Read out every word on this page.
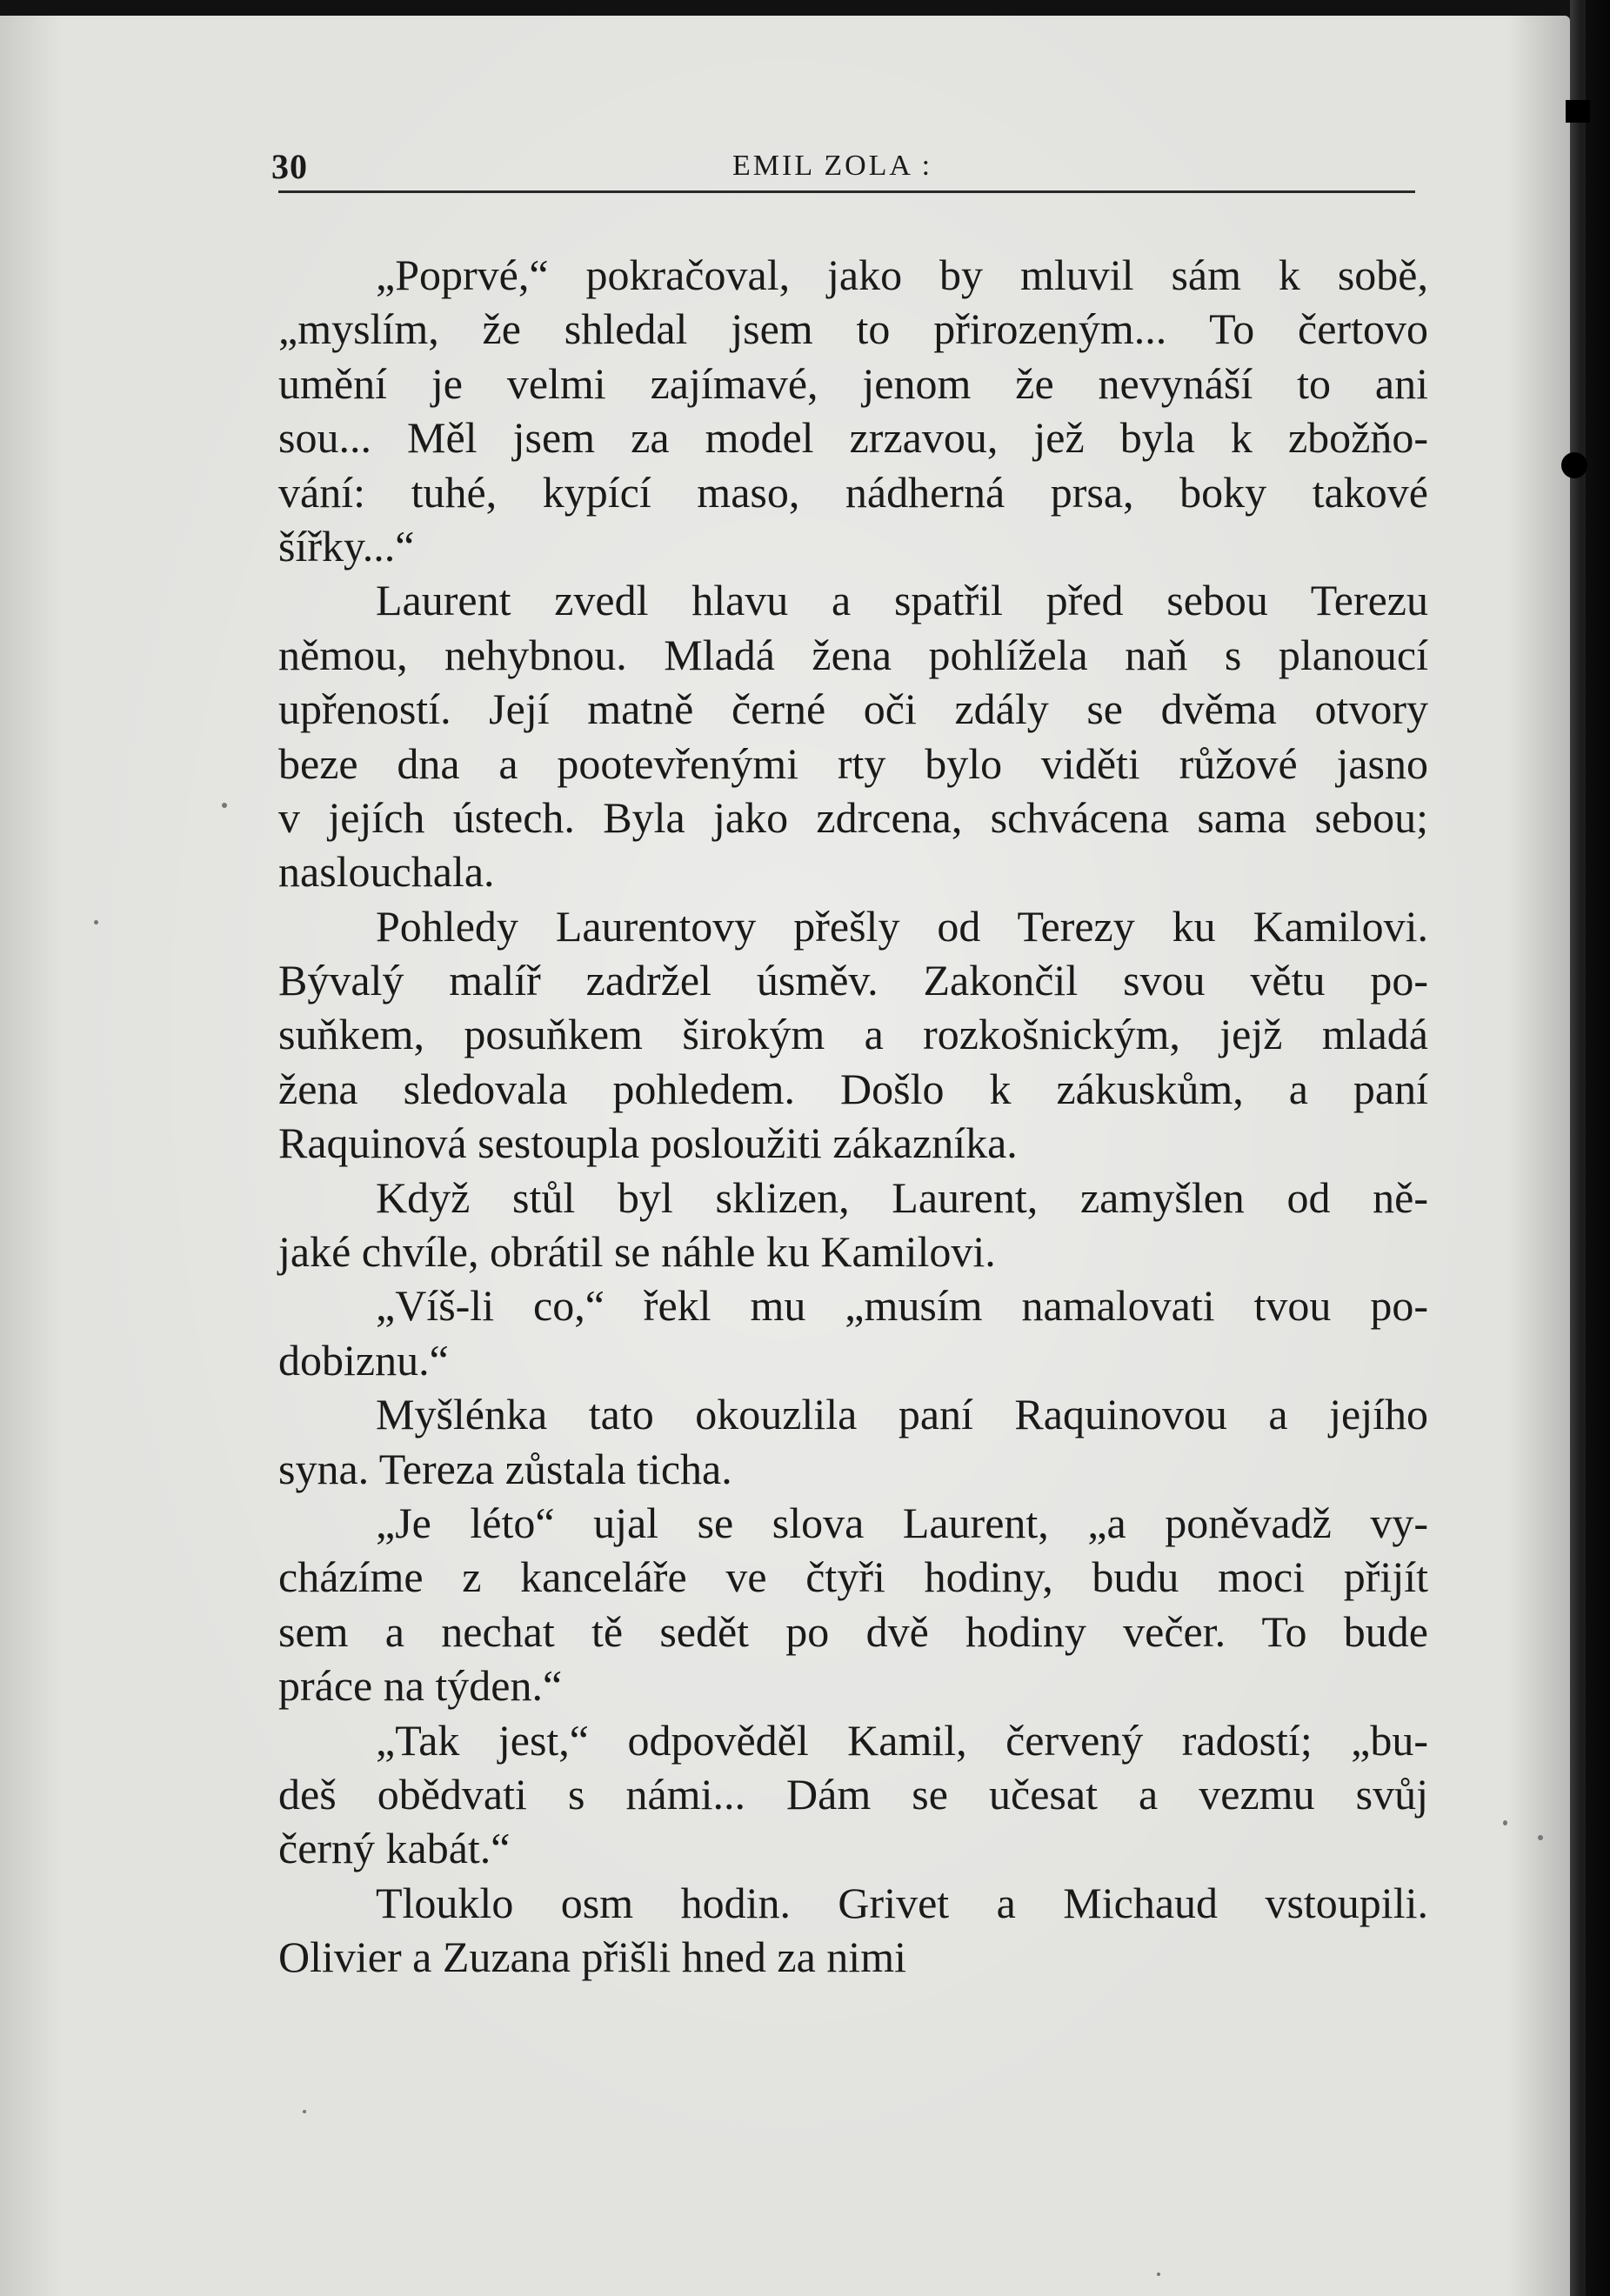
30	EMIL ZOLA :
„Poprvé,“ pokračoval, jako by mluvil sám k sobě,
„myslím, že shledal jsem to přirozeným... To čertovo
umění je velmi zajímavé, jenom že nevynáší to ani
sou... Měl jsem za model zrzavou, jež byla k zbožňo-
vání: tuhé, kypící maso, nádherná prsa, boky takové
šířky...“
Laurent zvedl hlavu a spatřil před sebou Terezu
němou, nehybnou. Mladá žena pohlížela naň s planoucí
upřeností. Její matně černé oči zdály se dvěma otvory
beze dna a pootevřenými rty bylo viděti růžové jasno
v jejích ústech. Byla jako zdrcena, schvácena sama sebou;
naslouchala.
Pohledy Laurentovy přešly od Terezy ku Kamilovi.
Bývalý malíř zadržel úsměv. Zakončil svou větu po-
suňkem, posuňkem širokým a rozkošnickým, jejž mladá
žena sledovala pohledem. Došlo k zákuskům, a paní
Raquinová sestoupla posloužiti zákazníka.
Když stůl byl sklizen, Laurent, zamyšlen od ně-
jaké chvíle, obrátil se náhle ku Kamilovi.
„Víš-li co,“ řekl mu „musím namalovati tvou po-
dobiznu.“
Myšlénka tato okouzlila paní Raquinovou a jejího
syna. Tereza zůstala ticha.
„Je léto“ ujal se slova Laurent, „a poněvadž vy-
cházíme z kanceláře ve čtyři hodiny, budu moci přijít
sem a nechat tě sedět po dvě hodiny večer. To bude
práce na týden.“
„Tak jest,“ odpověděl Kamil, červený radostí; „bu-
deš obědvati s námi... Dám se učesat a vezmu svůj
černý kabát.“
Tlouklo osm hodin. Grivet a Michaud vstoupili.
Olivier a Zuzana přišli hned za nimi
